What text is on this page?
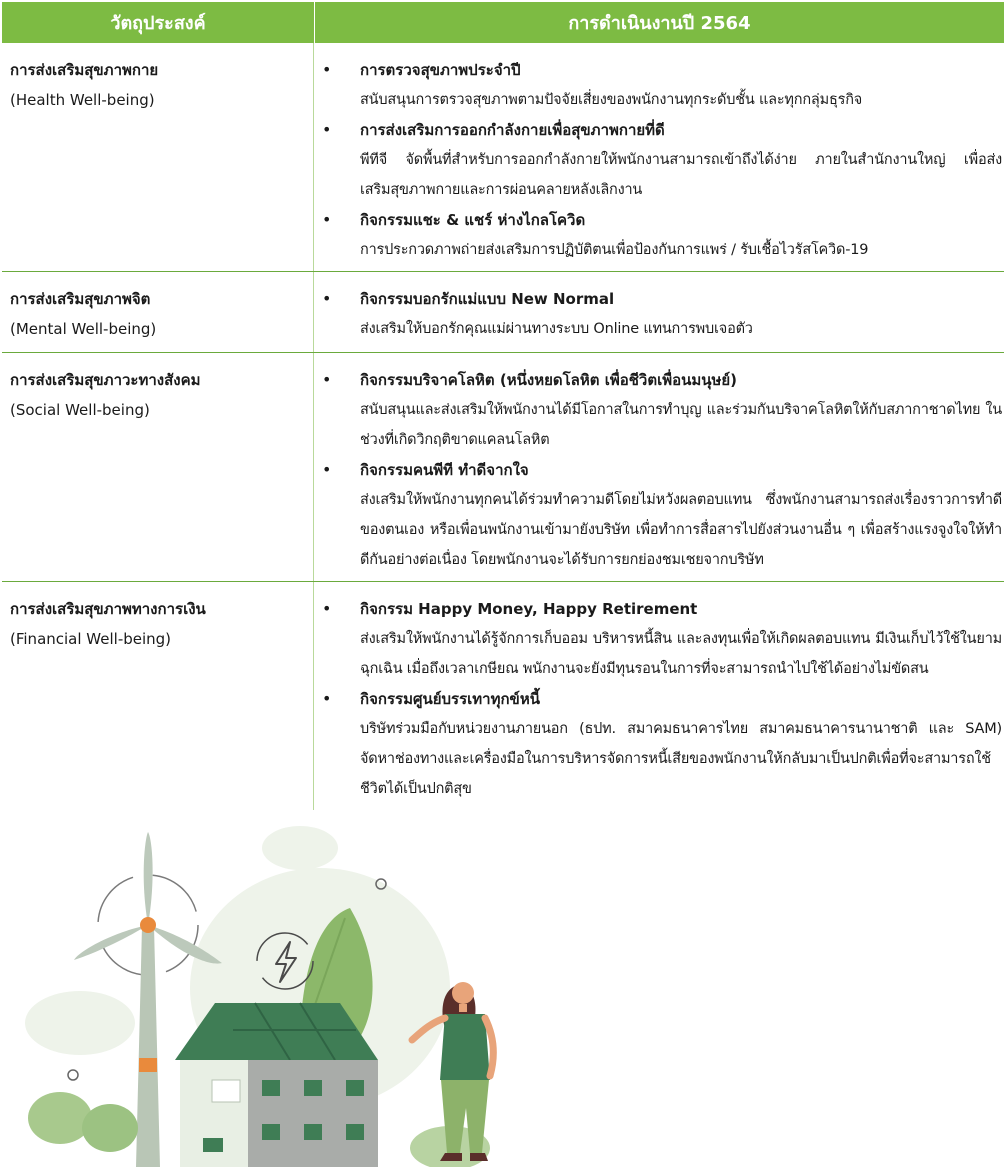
วัตถุประสงค์	การดำเนินงานปี 2564
การส่งเสริมสุขภาพกาย
(Health Well-being)
• การตรวจสุขภาพประจำปี
สนับสนุนการตรวจสุขภาพตามปัจจัยเสี่ยงของพนักงานทุกระดับชั้น และทุกกลุ่มธุรกิจ
• การส่งเสริมการออกกำลังกายเพื่อสุขภาพกายที่ดี
พีทีจี จัดพื้นที่สำหรับการออกกำลังกายให้พนักงานสามารถเข้าถึงได้ง่าย ภายในสำนักงานใหญ่ เพื่อส่งเสริมสุขภาพกายและการผ่อนคลายหลังเลิกงาน
• กิจกรรมแชะ & แชร์ ห่างไกลโควิด
การประกวดภาพถ่ายส่งเสริมการปฏิบัติตนเพื่อป้องกันการแพร่ / รับเชื้อไวรัสโควิด-19
การส่งเสริมสุขภาพจิต
(Mental Well-being)
• กิจกรรมบอกรักแม่แบบ New Normal
ส่งเสริมให้บอกรักคุณแม่ผ่านทางระบบ Online แทนการพบเจอตัว
การส่งเสริมสุขภาวะทางสังคม
(Social Well-being)
• กิจกรรมบริจาคโลหิต (หนึ่งหยดโลหิต เพื่อชีวิตเพื่อนมนุษย์)
สนับสนุนและส่งเสริมให้พนักงานได้มีโอกาสในการทำบุญ และร่วมกันบริจาคโลหิตให้กับสภากาชาดไทย ในช่วงที่เกิดวิกฤติขาดแคลนโลหิต
• กิจกรรมคนพีที ทำดีจากใจ
ส่งเสริมให้พนักงานทุกคนได้ร่วมทำความดีโดยไม่หวังผลตอบแทน ซึ่งพนักงานสามารถส่งเรื่องราวการทำดีของตนเอง หรือเพื่อนพนักงานเข้ามายังบริษัท เพื่อทำการสื่อสารไปยังส่วนงานอื่น ๆ เพื่อสร้างแรงจูงใจให้ทำดีกันอย่างต่อเนื่อง โดยพนักงานจะได้รับการยกย่องชมเชยจากบริษัท
การส่งเสริมสุขภาพทางการเงิน
(Financial Well-being)
• กิจกรรม Happy Money, Happy Retirement
ส่งเสริมให้พนักงานได้รู้จักการเก็บออม บริหารหนี้สิน และลงทุนเพื่อให้เกิดผลตอบแทน มีเงินเก็บไว้ใช้ในยามฉุกเฉิน เมื่อถึงเวลาเกษียณ พนักงานจะยังมีทุนรอนในการที่จะสามารถนำไปใช้ได้อย่างไม่ขัดสน
• กิจกรรมศูนย์บรรเทาทุกข์หนี้
บริษัทร่วมมือกับหน่วยงานภายนอก (ธปท. สมาคมธนาคารไทย สมาคมธนาคารนานาชาติ และ SAM) จัดหาช่องทางและเครื่องมือในการบริหารจัดการหนี้เสียของพนักงานให้กลับมาเป็นปกติเพื่อที่จะสามารถใช้ชีวิตได้เป็นปกติสุข
